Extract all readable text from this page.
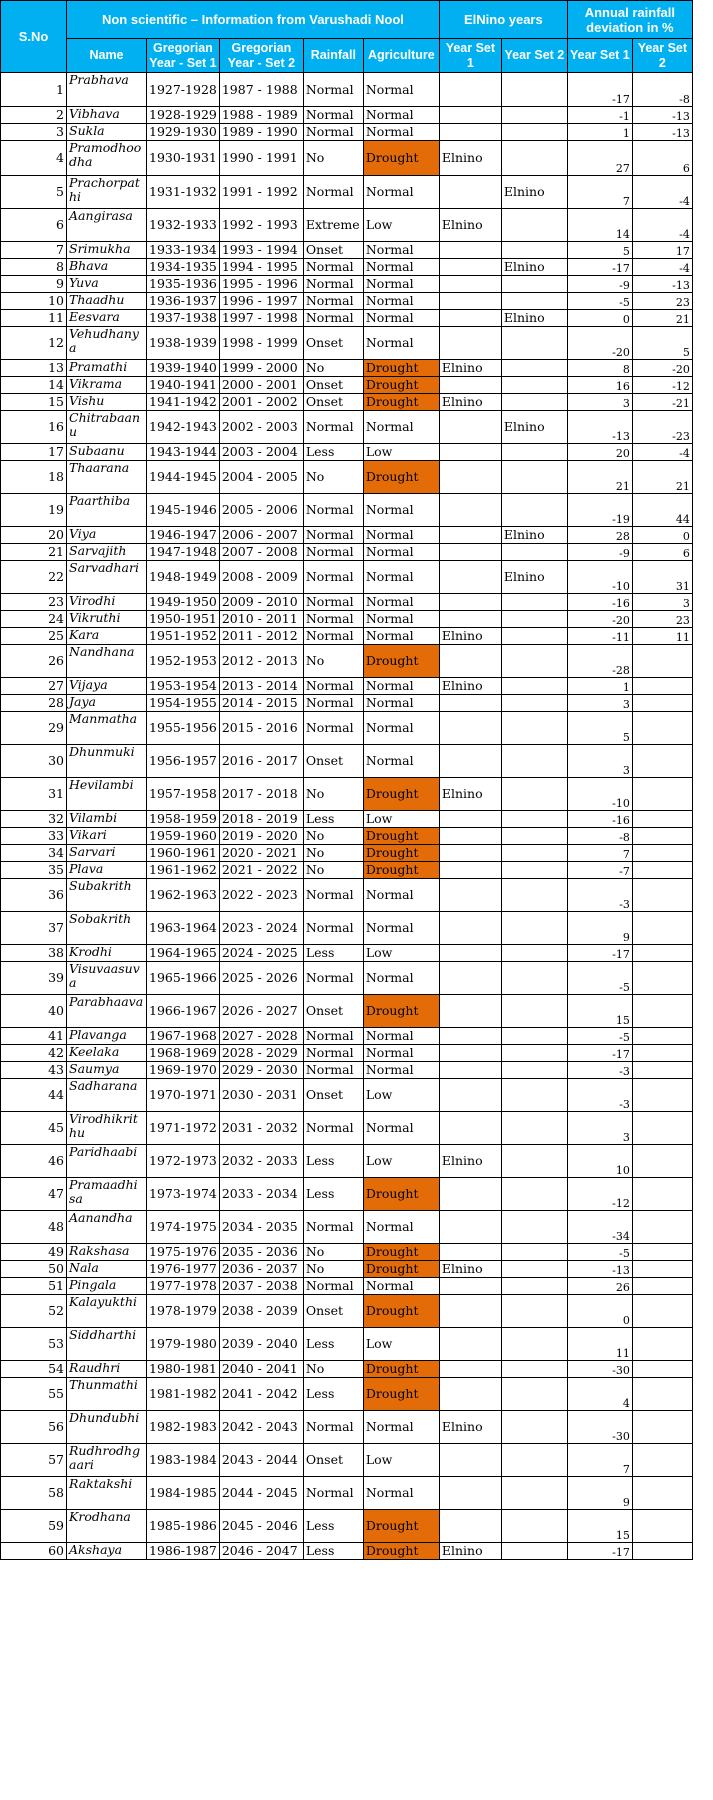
S.No	Non scientific – Information from Varushadi Nool					ElNino years		Annual rainfall deviation in %	
	Name	Gregorian Year - Set 1	Gregorian Year - Set 2	Rainfall	Agriculture	Year Set 1	Year Set 2	Year Set 1	Year Set 2
1	Prabhava	1927-1928	1987 - 1988	Normal	Normal			-17	-8
2	Vibhava	1928-1929	1988 - 1989	Normal	Normal			-1	-13
3	Sukla	1929-1930	1989 - 1990	Normal	Normal			1	-13
4	Pramodhoodha	1930-1931	1990 - 1991	No	Drought	Elnino		27	6
5	Prachorpathi	1931-1932	1991 - 1992	Normal	Normal		Elnino	7	-4
6	Aangirasa	1932-1933	1992 - 1993	Extreme	Low	Elnino		14	-4
7	Srimukha	1933-1934	1993 - 1994	Onset	Normal			5	17
8	Bhava	1934-1935	1994 - 1995	Normal	Normal		Elnino	-17	-4
9	Yuva	1935-1936	1995 - 1996	Normal	Normal			-9	-13
10	Thaadhu	1936-1937	1996 - 1997	Normal	Normal			-5	23
11	Eesvara	1937-1938	1997 - 1998	Normal	Normal		Elnino	0	21
12	Vehudhanya	1938-1939	1998 - 1999	Onset	Normal			-20	5
13	Pramathi	1939-1940	1999 - 2000	No	Drought	Elnino		8	-20
14	Vikrama	1940-1941	2000 - 2001	Onset	Drought			16	-12
15	Vishu	1941-1942	2001 - 2002	Onset	Drought	Elnino		3	-21
16	Chitrabaanu	1942-1943	2002 - 2003	Normal	Normal		Elnino	-13	-23
17	Subaanu	1943-1944	2003 - 2004	Less	Low			20	-4
18	Thaarana	1944-1945	2004 - 2005	No	Drought			21	21
19	Paarthiba	1945-1946	2005 - 2006	Normal	Normal			-19	44
20	Viya	1946-1947	2006 - 2007	Normal	Normal		Elnino	28	0
21	Sarvajith	1947-1948	2007 - 2008	Normal	Normal			-9	6
22	Sarvadhari	1948-1949	2008 - 2009	Normal	Normal		Elnino	-10	31
23	Virodhi	1949-1950	2009 - 2010	Normal	Normal			-16	3
24	Vikruthi	1950-1951	2010 - 2011	Normal	Normal			-20	23
25	Kara	1951-1952	2011 - 2012	Normal	Normal	Elnino		-11	11
26	Nandhana	1952-1953	2012 - 2013	No	Drought			-28	
27	Vijaya	1953-1954	2013 - 2014	Normal	Normal	Elnino		1	
28	Jaya	1954-1955	2014 - 2015	Normal	Normal			3	
29	Manmatha	1955-1956	2015 - 2016	Normal	Normal			5	
30	Dhunmuki	1956-1957	2016 - 2017	Onset	Normal			3	
31	Hevilambi	1957-1958	2017 - 2018	No	Drought	Elnino		-10	
32	Vilambi	1958-1959	2018 - 2019	Less	Low			-16	
33	Vikari	1959-1960	2019 - 2020	No	Drought			-8	
34	Sarvari	1960-1961	2020 - 2021	No	Drought			7	
35	Plava	1961-1962	2021 - 2022	No	Drought			-7	
36	Subakrith	1962-1963	2022 - 2023	Normal	Normal			-3	
37	Sobakrith	1963-1964	2023 - 2024	Normal	Normal			9	
38	Krodhi	1964-1965	2024 - 2025	Less	Low			-17	
39	Visuvaasuva	1965-1966	2025 - 2026	Normal	Normal			-5	
40	Parabhaava	1966-1967	2026 - 2027	Onset	Drought			15	
41	Plavanga	1967-1968	2027 - 2028	Normal	Normal			-5	
42	Keelaka	1968-1969	2028 - 2029	Normal	Normal			-17	
43	Saumya	1969-1970	2029 - 2030	Normal	Normal			-3	
44	Sadharana	1970-1971	2030 - 2031	Onset	Low			-3	
45	Virodhikrithu	1971-1972	2031 - 2032	Normal	Normal			3	
46	Paridhaabi	1972-1973	2032 - 2033	Less	Low	Elnino		10	
47	Pramaadhisa	1973-1974	2033 - 2034	Less	Drought			-12	
48	Aanandha	1974-1975	2034 - 2035	Normal	Normal			-34	
49	Rakshasa	1975-1976	2035 - 2036	No	Drought			-5	
50	Nala	1976-1977	2036 - 2037	No	Drought	Elnino		-13	
51	Pingala	1977-1978	2037 - 2038	Normal	Normal			26	
52	Kalayukthi	1978-1979	2038 - 2039	Onset	Drought			0	
53	Siddharthi	1979-1980	2039 - 2040	Less	Low			11	
54	Raudhri	1980-1981	2040 - 2041	No	Drought			-30	
55	Thunmathi	1981-1982	2041 - 2042	Less	Drought			4	
56	Dhundubhi	1982-1983	2042 - 2043	Normal	Normal	Elnino		-30	
57	Rudhrodhgaari	1983-1984	2043 - 2044	Onset	Low			7	
58	Raktakshi	1984-1985	2044 - 2045	Normal	Normal			9	
59	Krodhana	1985-1986	2045 - 2046	Less	Drought			15	
60	Akshaya	1986-1987	2046 - 2047	Less	Drought	Elnino		-17	
